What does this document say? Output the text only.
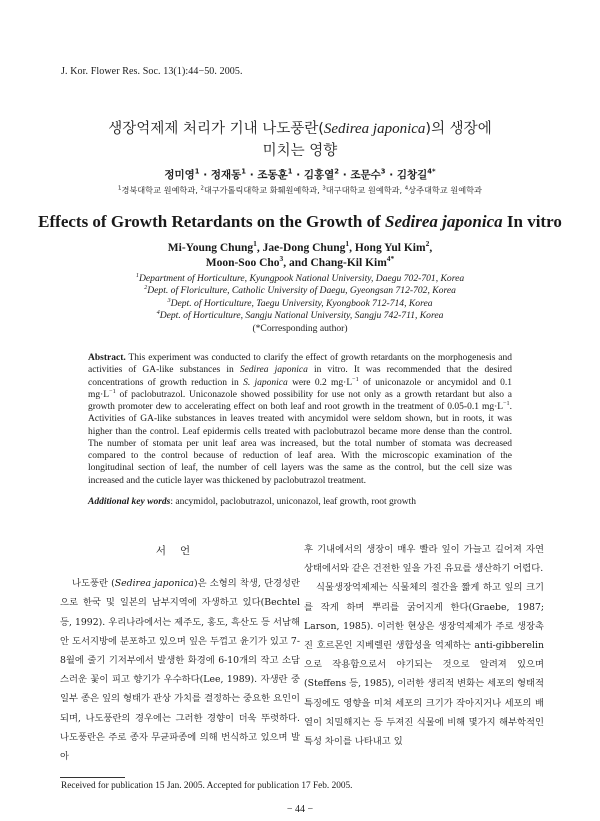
J. Kor. Flower Res. Soc. 13(1):44−50. 2005.
생장억제제 처리가 기내 나도풍란(Sedirea japonica)의 생장에
미치는 영향
정미영$^1$ · 정재동$^1$ · 조동훈$^1$ · 김홍열$^2$ · 조문수$^3$ · 김창길$^{4*}$
$^1$경북대학교 원예학과, $^2$대구가톨릭대학교 화훼원예학과, $^3$대구대학교 원예학과, $^4$상주대학교 원예학과
Effects of Growth Retardants on the Growth of Sedirea japonica In vitro
Mi-Young Chung$^1$, Jae-Dong Chung$^1$, Hong Yul Kim$^2$,
Moon-Soo Cho$^3$, and Chang-Kil Kim$^{4*}$
$^1$Department of Horticulture, Kyungpook National University, Daegu 702-701, Korea
$^2$Dept. of Floriculture, Catholic University of Daegu, Gyeongsan 712-702, Korea
$^3$Dept. of Horticulture, Taegu University, Kyongbook 712-714, Korea
$^4$Dept. of Horticulture, Sangju National University, Sangju 742-711, Korea
(*Corresponding author)
Abstract. This experiment was conducted to clarify the effect of growth retardants on the morphogenesis and activities of GA-like substances in Sedirea japonica in vitro. It was recommended that the desired concentrations of growth reduction in S. japonica were 0.2 $mg\cdot L^{-1}$ of uniconazole or ancymidol and 0.1 $mg\cdot L^{-1}$ of paclobutrazol. Uniconazole showed possibility for use not only as a growth retardant but also a growth promoter dew to accelerating effect on both leaf and root growth in the treatment of 0.05-0.1 $mg\cdot L^{-1}$. Activities of GA-like substances in leaves treated with ancymidol were seldom shown, but in roots, it was higher than the control. Leaf epidermis cells treated with paclobutrazol became more dense than the control. The number of stomata per unit leaf area was increased, but the total number of stomata was decreased compared to the control because of reduction of leaf area. With the microscopic examination of the longitudinal section of leaf, the number of cell layers was the same as the control, but the cell size was increased and the cuticle layer was thickened by paclobutrazol treatment.
Additional key words: ancymidol, paclobutrazol, uniconazol, leaf growth, root growth
서언

나도풍란 (Sedirea japonica)은 소형의 착생, 단경성란으로 한국 및 일본의 남부지역에 자생하고 있다(Bechtel 등, 1992). 우리나라에서는 제주도, 홍도, 흑산도 등 서남해안 도서지방에 분포하고 있으며 잎은 두껍고 윤기가 있고 7-8월에 줄기 기저부에서 발생한 화경에 6-10개의 작고 소담스러운 꽃이 피고 향기가 우수하다(Lee, 1989). 자생란 중 일부 종은 잎의 형태가 관상 가치를 결정하는 중요한 요인이 되며, 나도풍란의 경우에는 그러한 경향이 더욱 뚜렷하다. 나도풍란은 주로 종자 무균파종에 의해 번식하고 있으며 발아

후 기내에서의 생장이 매우 빨라 잎이 가늘고 길어져 자연 상태에서와 같은 건전한 잎을 가진 유묘를 생산하기 어렵다.

식물생장억제제는 식물체의 절간을 짧게 하고 잎의 크기를 작게 하며 뿌리를 굵어지게 한다(Graebe, 1987; Larson, 1985). 이러한 현상은 생장억제제가 주로 생장촉진 호르몬인 지베렐린 생합성을 억제하는 anti-gibberelin으로 작용함으로서 야기되는 것으로 알려져 있으며(Steffens 등, 1985), 이러한 생리적 변화는 세포의 형태적 특징에도 영향을 미쳐 세포의 크기가 작아지거나 세포의 배열이 치밀해지는 등 두져진 식물에 비해 몇가지 해부학적인 특성 차이를 나타내고 있

Received for publication 15 Jan. 2005. Accepted for publication 17 Feb. 2005.
− 44 −
